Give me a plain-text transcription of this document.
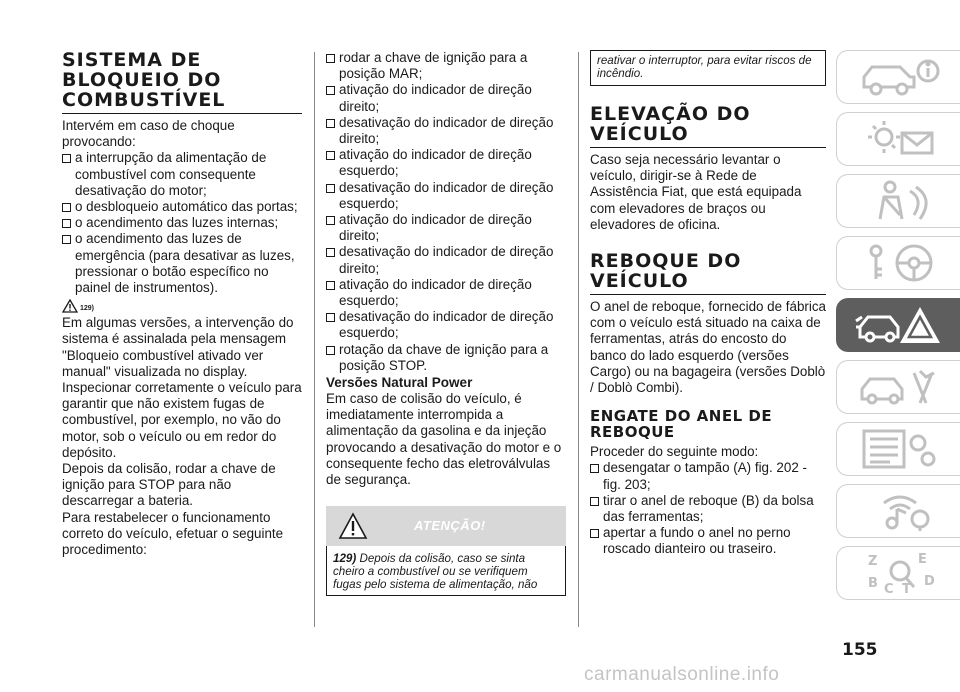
SISTEMA DE
BLOQUEIO DO
COMBUSTÍVEL

Intervém em caso de choque provocando:

a interrupção da alimentação de combustível com consequente desativação do motor;
o desbloqueio automático das portas;
o acendimento das luzes internas;
o acendimento das luzes de emergência (para desativar as luzes, pressionar o botão específico no painel de instrumentos).
129)

Em algumas versões, a intervenção do sistema é assinalada pela mensagem "Bloqueio combustível ativado ver manual" visualizada no display.

Inspecionar corretamente o veículo para garantir que não existem fugas de combustível, por exemplo, no vão do motor, sob o veículo ou em redor do depósito.

Depois da colisão, rodar a chave de ignição para STOP para não descarregar a bateria.

Para restabelecer o funcionamento correto do veículo, efetuar o seguinte procedimento:

rodar a chave de ignição para a posição MAR;
ativação do indicador de direção direito;
desativação do indicador de direção direito;
ativação do indicador de direção esquerdo;
desativação do indicador de direção esquerdo;
ativação do indicador de direção direito;
desativação do indicador de direção direito;
ativação do indicador de direção esquerdo;
desativação do indicador de direção esquerdo;
rotação da chave de ignição para a posição STOP.
Versões Natural Power

Em caso de colisão do veículo, é imediatamente interrompida a alimentação da gasolina e da injeção provocando a desativação do motor e o consequente fecho das eletroválvulas de segurança.

ATENÇÃO!
129) Depois da colisão, caso se sinta cheiro a combustível ou se verifiquem fugas pelo sistema de alimentação, não
reativar o interruptor, para evitar riscos de incêndio.
ELEVAÇÃO DO
VEÍCULO

Caso seja necessário levantar o veículo, dirigir-se à Rede de Assistência Fiat, que está equipada com elevadores de braços ou elevadores de oficina.

REBOQUE DO
VEÍCULO

O anel de reboque, fornecido de fábrica com o veículo está situado na caixa de ferramentas, atrás do encosto do banco do lado esquerdo (versões Cargo) ou na bagageira (versões Doblò / Doblò Combi).

ENGATE DO ANEL DE
REBOQUE

Proceder do seguinte modo:

desengatar o tampão (A) fig. 202 - fig. 203;
tirar o anel de reboque (B) da bolsa das ferramentas;
apertar a fundo o anel no perno roscado dianteiro ou traseiro.
Z	E
B C T
D
155
carmanualsonline.info
